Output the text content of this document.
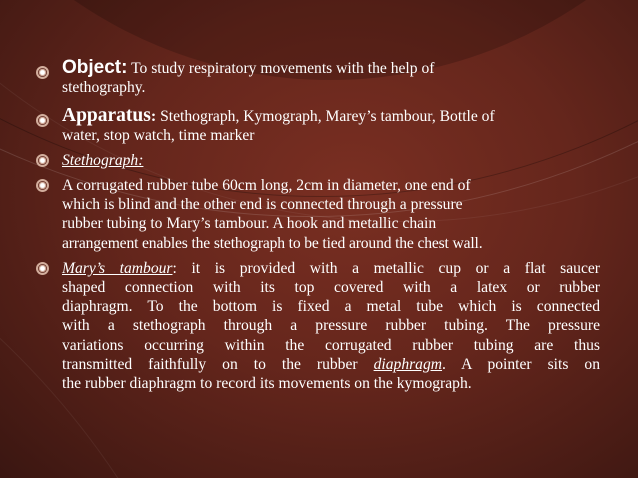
Object: To study respiratory movements with the help of
stethography.
Apparatus: Stethograph, Kymograph, Marey’s tambour, Bottle of
water, stop watch, time marker
Stethograph:
A corrugated rubber tube 60cm long, 2cm in diameter, one end of
which is blind and the other end is connected through a pressure
rubber tubing to Mary’s tambour. A hook and metallic chain
arrangement enables the stethograph to be tied around the chest wall.
Mary’s tambour: it is provided with a metallic cup or a flat saucer
shaped connection with its top covered with a latex or rubber
diaphragm. To the bottom is fixed a metal tube which is connected
with a stethograph through a pressure rubber tubing. The pressure
variations occurring within the corrugated rubber tubing are thus
transmitted faithfully on to the rubber diaphragm. A pointer sits on
the rubber diaphragm to record its movements on the kymograph.
